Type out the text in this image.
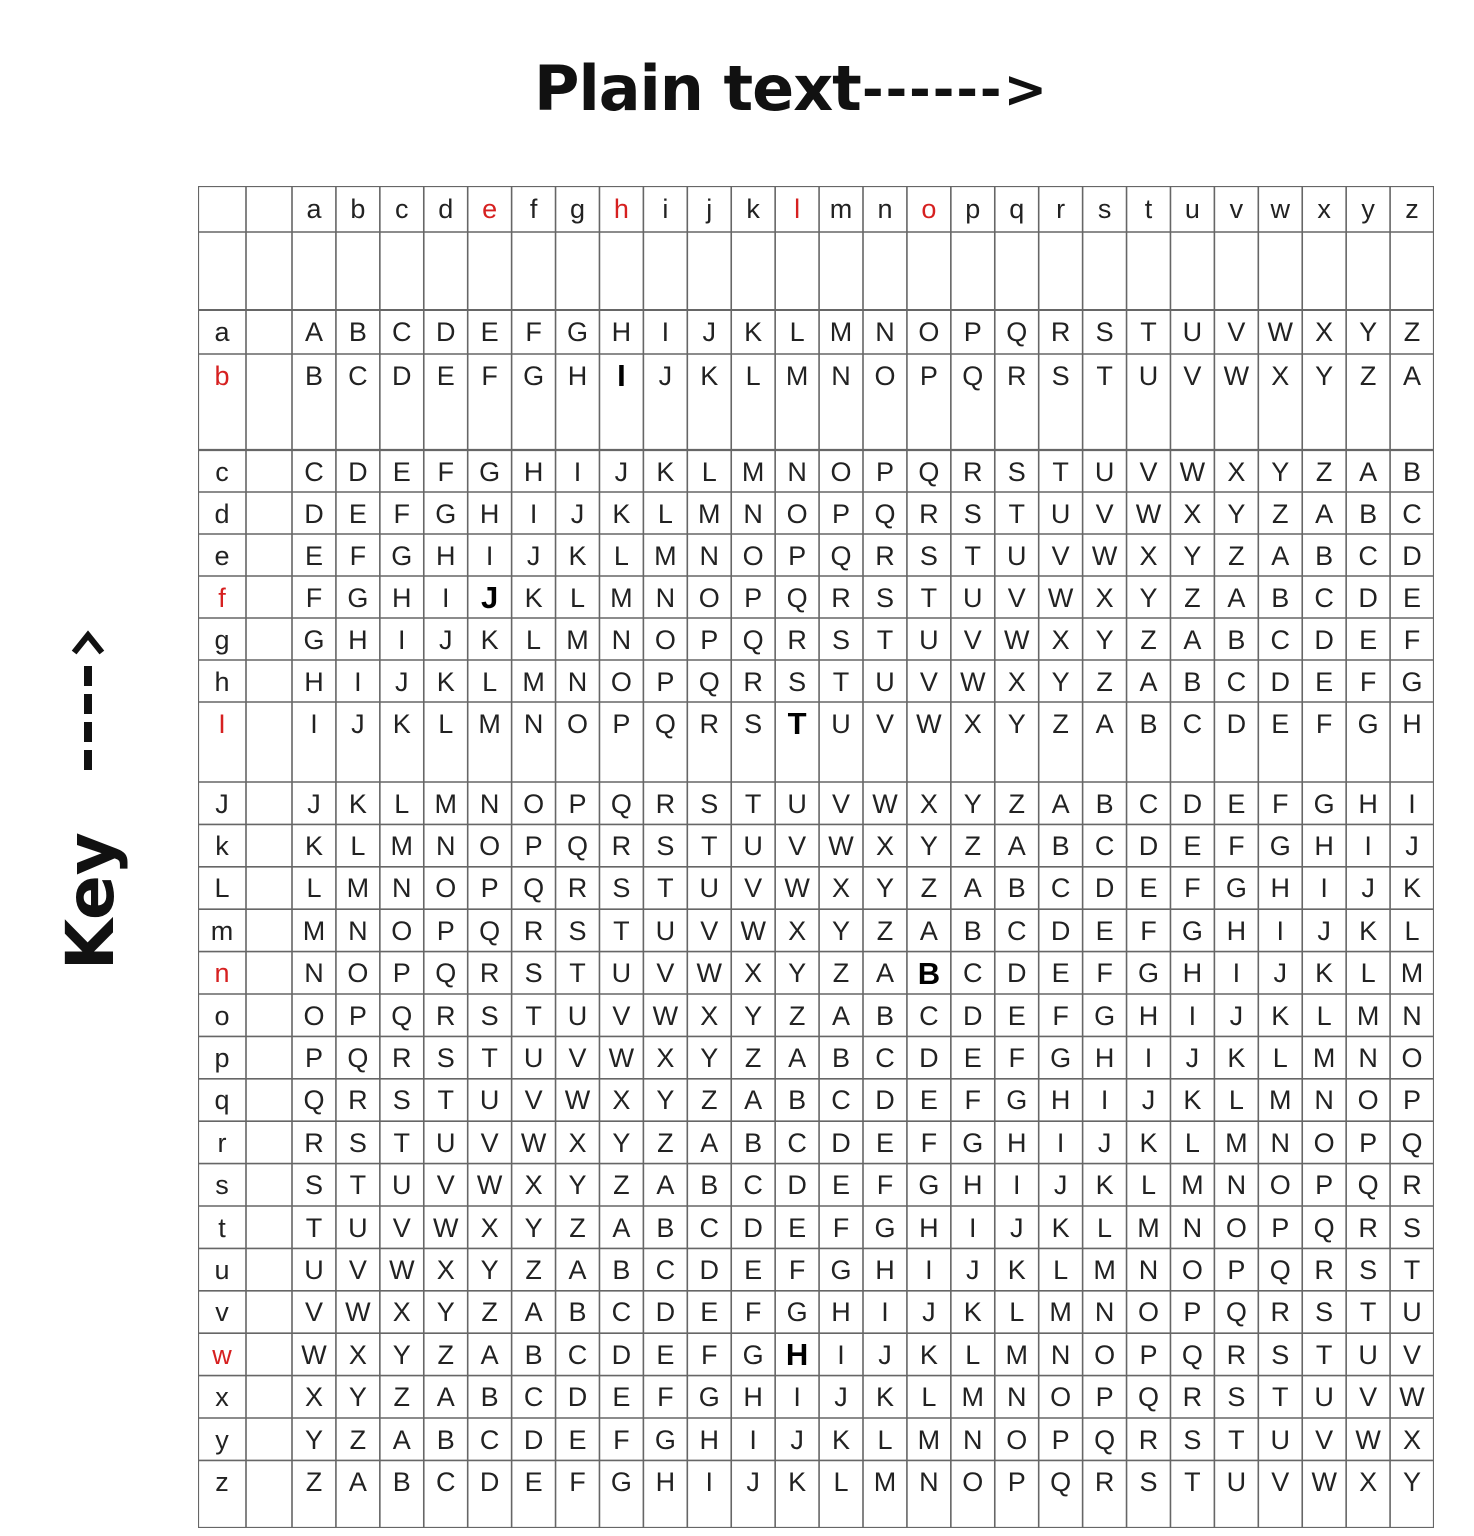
Plain text ------>
Key
a	b	c	d	e	f	g	h	i	j	k	l	m n	o	p	q	r	s	t	u	v	w	x	y	z
a	A B C D E F G H	I	J	K	L M N O P Q R S T U V W X Y Z
b	B C D E F G H I	J	K	L M N O P Q R S T U V W X Y Z A
c	C D E F G H	I	J	K	L M N O P Q R S T U V W X Y Z A B
d	D E F G H	I	J	K	L M N O P Q R S T U V W X Y Z A B C
e	E F G H	I	J	K	L M N O P Q R S T U V W X Y Z A B C D
f	F G H	I	J K	L M N O P Q R S T U V W X Y Z A B C D E
g	G H	I	J	K	L M N O P Q R S T U V W X Y Z A B C D E F
h	H	I	J	K	L M N O P Q R S T U V W X Y Z A B C D E F G
I	I	J	K	L M N O P Q R S T U V W X Y Z A B C D E F G H
J	J	K	L M N O P Q R S T U V W X Y Z A B C D E F G H	I
k	K	L M N O P Q R S T U V W X Y Z A B C D E F G H	I	J
L	L M N O P Q R S T U V W X Y Z A B C D E F G H	I	J	K
m	M N O P Q R S T U V W X Y Z A B C D E F G H	I	J	K	L
n	N O P Q R S T U V W X Y Z A B C D E F G H	I	J	K	L M
o	O P Q R S T U V W X Y Z A B C D E F G H	I	J	K	L M N
p	P Q R S T U V W X Y Z A B C D E F G H	I	J	K	L M N O
q	Q R S T U V W X Y Z A B C D E F G H	I	J	K	L M N O P
r	R S T U V W X Y Z A B C D E F G H	I	J	K	L M N O P Q
s	S T U V W X Y Z A B C D E F G H	I	J	K	L M N O P Q R
t	T U V W X Y Z A B C D E F G H	I	J	K	L M N O P Q R S
u	U V W X Y Z A B C D E F G H	I	J	K	L M N O P Q R S T
v	V W X Y Z A B C D E F G H	I	J	K	L M N O P Q R S T U
w	W X Y Z A B C D E F G H	I	J	K	L M N O P Q R S T U V
x	X Y Z A B C D E F G H	I	J	K	L M N O P Q R S T U V W
y	Y Z A B C D E F G H	I	J	K	L M N O P Q R S T U V W X
z	Z A B C D E F G H	I	J	K	L M N O P Q R S T U V W X Y
